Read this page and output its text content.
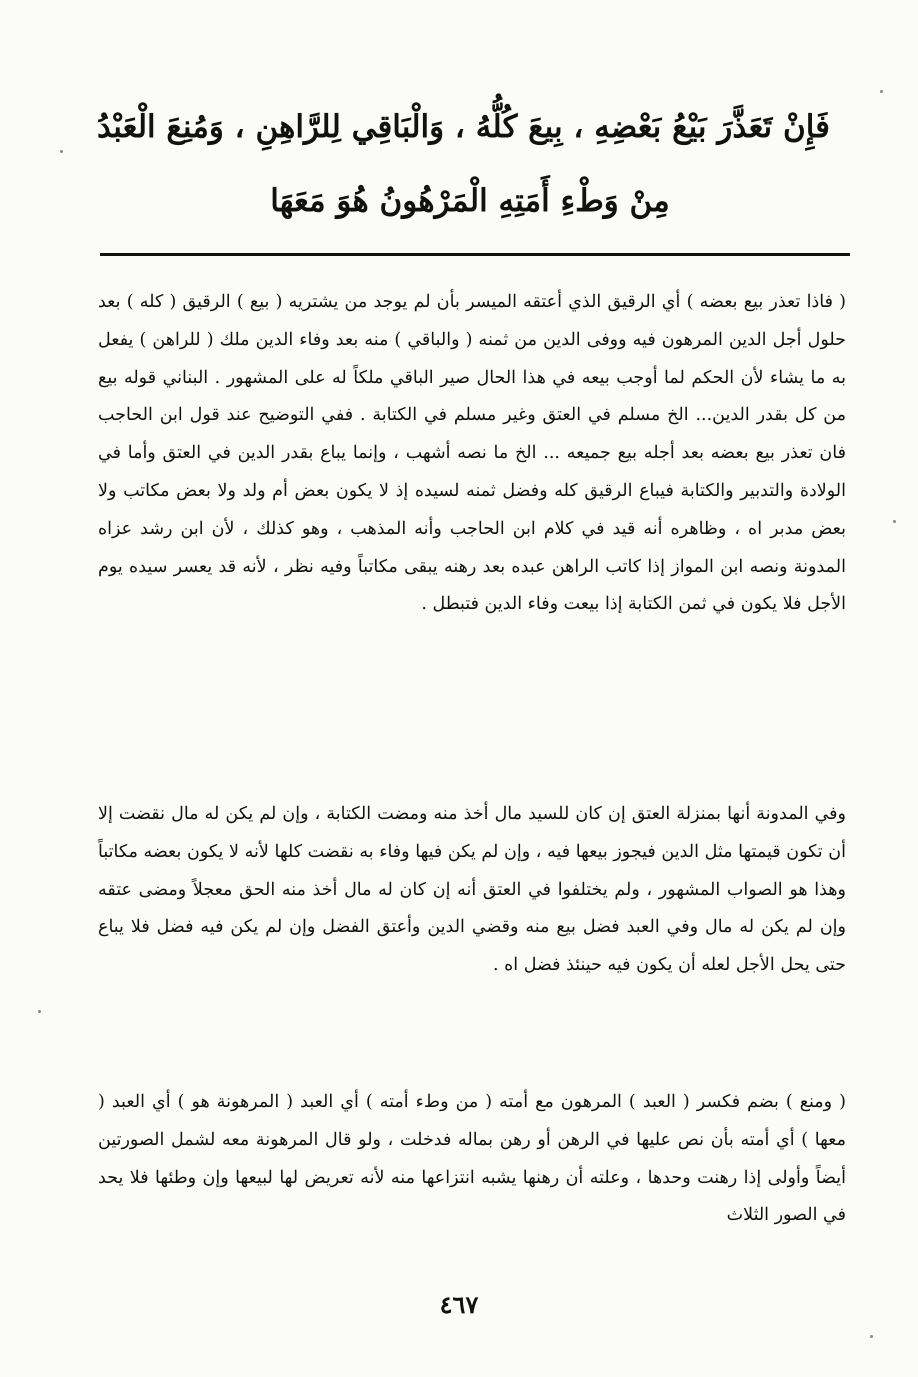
فَإِنْ تَعَذَّرَ بَيْعُ بَعْضِهِ ، بِيعَ كُلُّهُ ، وَالْبَاقِي لِلرَّاهِنِ ، وَمُنِعَ الْعَبْدُ
مِنْ وَطْءِ أَمَتِهِ الْمَرْهُونُ هُوَ مَعَهَا
( فاذا تعذر بيع بعضه ) أي الرقيق الذي أعتقه الميسر بأن لم يوجد من يشتريه ( بيع ) الرقيق ( كله ) بعد حلول أجل الدين المرهون فيه ووفى الدين من ثمنه ( والباقي ) منه بعد وفاء الدين ملك ( للراهن ) يفعل به ما يشاء لأن الحكم لما أوجب بيعه في هذا الحال صير الباقي ملكاً له على المشهور . البناني قوله بيع من كل بقدر الدين... الخ مسلم في العتق وغير مسلم في الكتابة . ففي التوضيح عند قول ابن الحاجب فان تعذر بيع بعضه بعد أجله بيع جميعه ... الخ ما نصه أشهب ، وإنما يباع بقدر الدين في العتق وأما في الولادة والتدبير والكتابة فيباع الرقيق كله وفضل ثمنه لسيده إذ لا يكون بعض أم ولد ولا بعض مكاتب ولا بعض مدبر اه ، وظاهره أنه قيد في كلام ابن الحاجب وأنه المذهب ، وهو كذلك ، لأن ابن رشد عزاه المدونة ونصه ابن المواز إذا كاتب الراهن عبده بعد رهنه يبقى مكاتباً وفيه نظر ، لأنه قد يعسر سيده يوم الأجل فلا يكون في ثمن الكتابة إذا بيعت وفاء الدين فتبطل .
وفي المدونة أنها بمنزلة العتق إن كان للسيد مال أخذ منه ومضت الكتابة ، وإن لم يكن له مال نقضت إلا أن تكون قيمتها مثل الدين فيجوز بيعها فيه ، وإن لم يكن فيها وفاء به نقضت كلها لأنه لا يكون بعضه مكاتباً وهذا هو الصواب المشهور ، ولم يختلفوا في العتق أنه إن كان له مال أخذ منه الحق معجلاً ومضى عتقه وإن لم يكن له مال وفي العبد فضل بيع منه وقضي الدين وأعتق الفضل وإن لم يكن فيه فضل فلا يباع حتى يحل الأجل لعله أن يكون فيه حينئذ فضل اه .
( ومنع ) بضم فكسر ( العبد ) المرهون مع أمته ( من وطء أمته ) أي العبد ( المرهونة هو ) أي العبد ( معها ) أي أمته بأن نص عليها في الرهن أو رهن بماله فدخلت ، ولو قال المرهونة معه لشمل الصورتين أيضاً وأولى إذا رهنت وحدها ، وعلته أن رهنها يشبه انتزاعها منه لأنه تعريض لها لبيعها وإن وطئها فلا يحد في الصور الثلاث
٤٦٧
